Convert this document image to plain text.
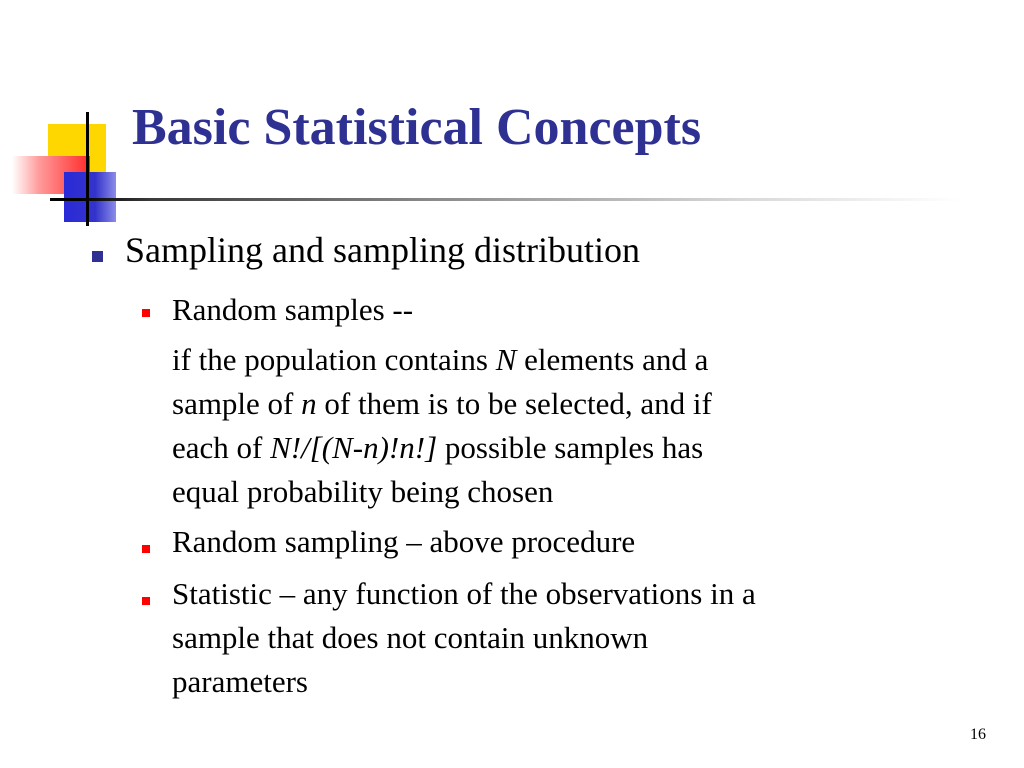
Basic Statistical Concepts
Sampling and sampling distribution
Random samples --
if the population contains N elements and a
sample of n of them is to be selected, and if
each of N!/[(N-n)!n!] possible samples has
equal probability being chosen
Random sampling – above procedure
Statistic – any function of the observations in a
sample that does not contain unknown
parameters
16
